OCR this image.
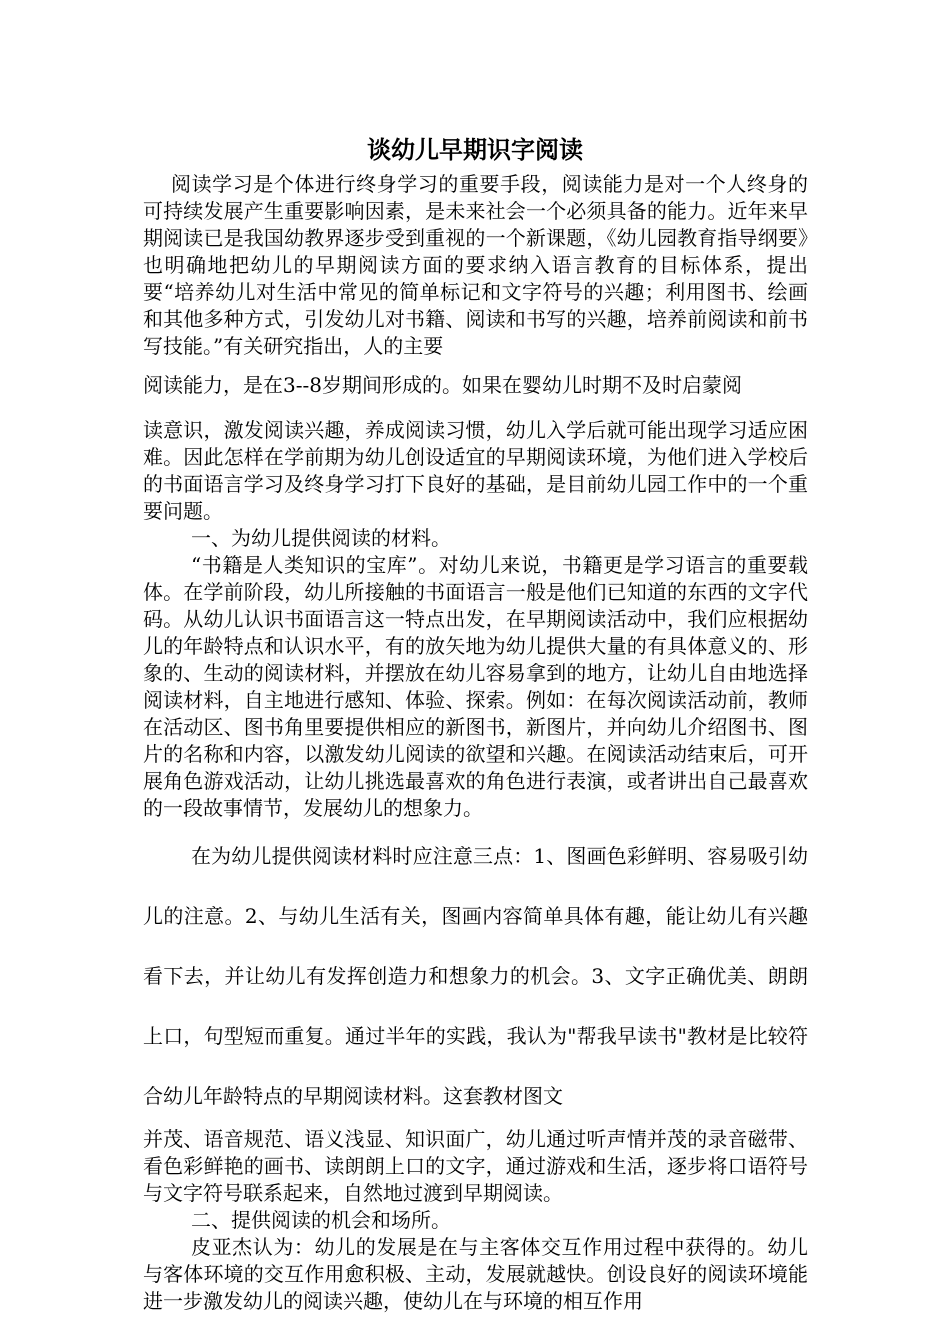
谈幼儿早期识字阅读

阅读学习是个体进行终身学习的重要手段，阅读能力是对一个人终身的可持续发展产生重要影响因素，是未来社会一个必须具备的能力。近年来早期阅读已是我国幼教界逐步受到重视的一个新课题，《幼儿园教育指导纲要》也明确地把幼儿的早期阅读方面的要求纳入语言教育的目标体系，提出要“培养幼儿对生活中常见的简单标记和文字符号的兴趣；利用图书、绘画和其他多种方式，引发幼儿对书籍、阅读和书写的兴趣，培养前阅读和前书写技能。”有关研究指出，人的主要

阅读能力，是在3--8岁期间形成的。如果在婴幼儿时期不及时启蒙阅

读意识，激发阅读兴趣，养成阅读习惯，幼儿入学后就可能出现学习适应困难。因此怎样在学前期为幼儿创设适宜的早期阅读环境，为他们进入学校后的书面语言学习及终身学习打下良好的基础，是目前幼儿园工作中的一个重要问题。

一、为幼儿提供阅读的材料。

“书籍是人类知识的宝库”。对幼儿来说，书籍更是学习语言的重要载体。在学前阶段，幼儿所接触的书面语言一般是他们已知道的东西的文字代码。从幼儿认识书面语言这一特点出发，在早期阅读活动中，我们应根据幼儿的年龄特点和认识水平，有的放矢地为幼儿提供大量的有具体意义的、形象的、生动的阅读材料，并摆放在幼儿容易拿到的地方，让幼儿自由地选择阅读材料，自主地进行感知、体验、探索。例如：在每次阅读活动前，教师在活动区、图书角里要提供相应的新图书，新图片，并向幼儿介绍图书、图片的名称和内容，以激发幼儿阅读的欲望和兴趣。在阅读活动结束后，可开展角色游戏活动，让幼儿挑选最喜欢的角色进行表演，或者讲出自己最喜欢的一段故事情节，发展幼儿的想象力。

在为幼儿提供阅读材料时应注意三点：1、图画色彩鲜明、容易吸引幼儿的注意。2、与幼儿生活有关，图画内容简单具体有趣，能让幼儿有兴趣看下去，并让幼儿有发挥创造力和想象力的机会。3、文字正确优美、朗朗上口，句型短而重复。通过半年的实践，我认为"帮我早读书"教材是比较符合幼儿年龄特点的早期阅读材料。这套教材图文

并茂、语音规范、语义浅显、知识面广，幼儿通过听声情并茂的录音磁带、看色彩鲜艳的画书、读朗朗上口的文字，通过游戏和生活，逐步将口语符号与文字符号联系起来，自然地过渡到早期阅读。

二、提供阅读的机会和场所。

皮亚杰认为：幼儿的发展是在与主客体交互作用过程中获得的。幼儿与客体环境的交互作用愈积极、主动，发展就越快。创设良好的阅读环境能进一步激发幼儿的阅读兴趣，使幼儿在与环境的相互作用
